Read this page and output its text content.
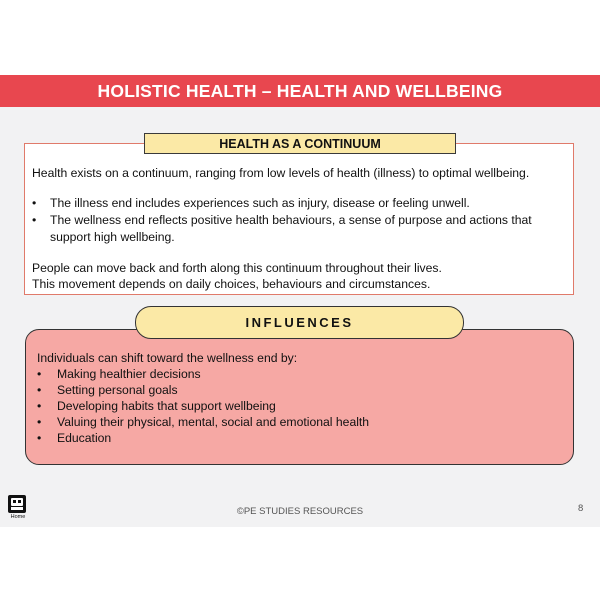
HOLISTIC HEALTH – HEALTH AND WELLBEING
Health exists on a continuum, ranging from low levels of health (illness) to optimal wellbeing.
• The illness end includes experiences such as injury, disease or feeling unwell.
• The wellness end reflects positive health behaviours, a sense of purpose and actions that support high wellbeing.
People can move back and forth along this continuum throughout their lives.
This movement depends on daily choices, behaviours and circumstances.
HEALTH AS A CONTINUUM
Individuals can shift toward the wellness end by:
• Making healthier decisions
• Setting personal goals
• Developing habits that support wellbeing
• Valuing their physical, mental, social and emotional health
• Education
INFLUENCES
Home	©PE STUDIES RESOURCES	8
